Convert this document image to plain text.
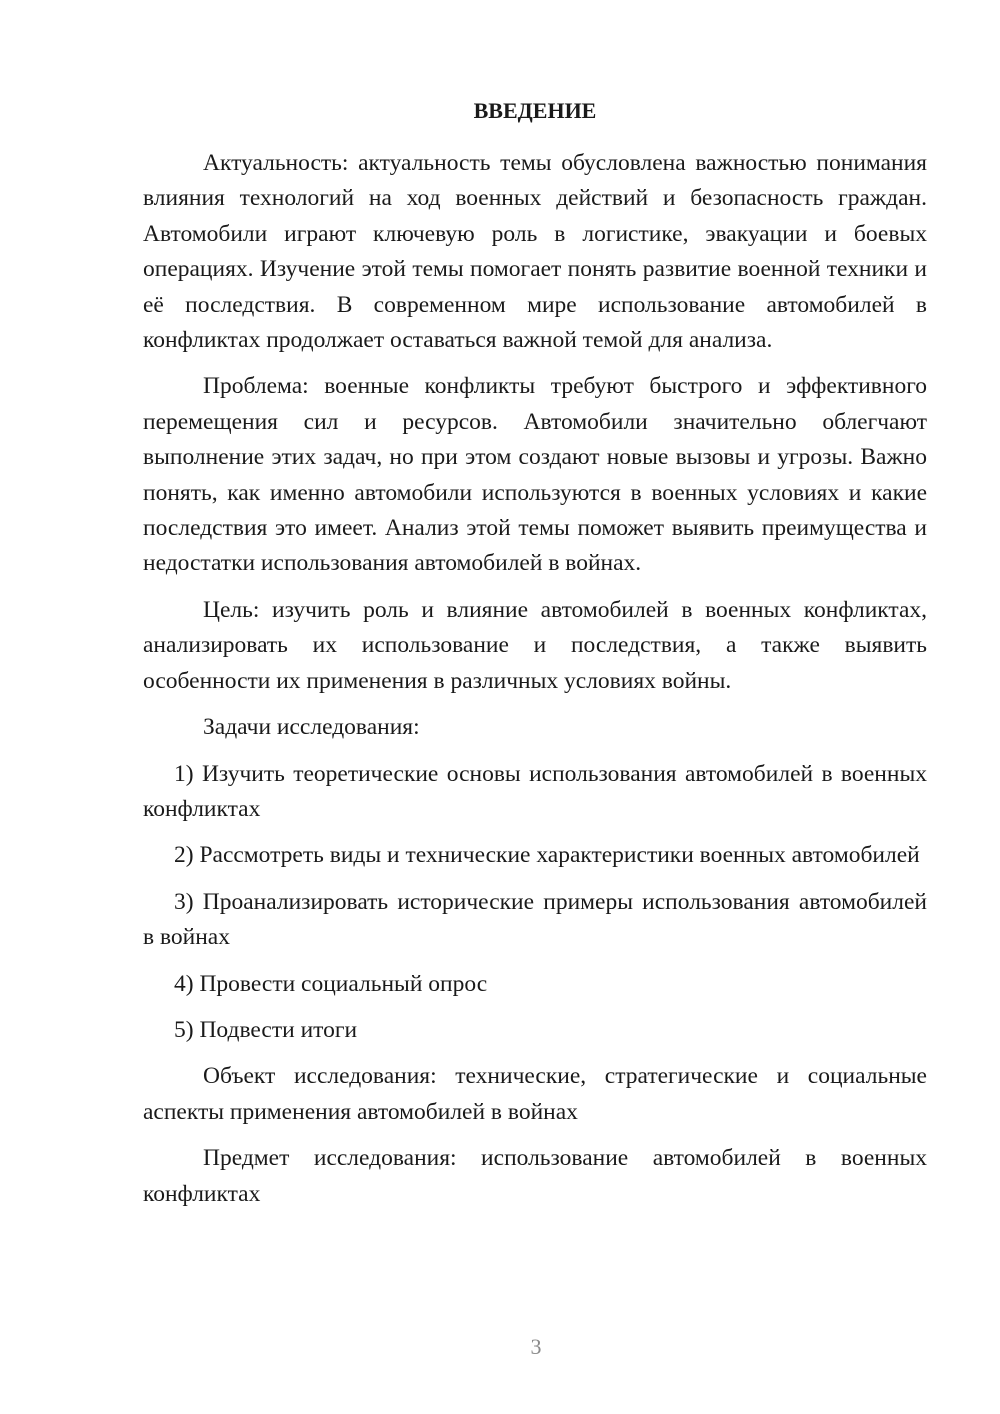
ВВЕДЕНИЕ

Актуальность: актуальность темы обусловлена важностью понимания влияния технологий на ход военных действий и безопасность граждан. Автомобили играют ключевую роль в логистике, эвакуации и боевых операциях. Изучение этой темы помогает понять развитие военной техники и её последствия. В современном мире использование автомобилей в конфликтах продолжает оставаться важной темой для анализа.

Проблема: военные конфликты требуют быстрого и эффективного перемещения сил и ресурсов. Автомобили значительно облегчают выполнение этих задач, но при этом создают новые вызовы и угрозы. Важно понять, как именно автомобили используются в военных условиях и какие последствия это имеет. Анализ этой темы поможет выявить преимущества и недостатки использования автомобилей в войнах.

Цель: изучить роль и влияние автомобилей в военных конфликтах, анализировать их использование и последствия, а также выявить особенности их применения в различных условиях войны.

Задачи исследования:

1) Изучить теоретические основы использования автомобилей в военных конфликтах

2) Рассмотреть виды и технические характеристики военных автомобилей

3) Проанализировать исторические примеры использования автомобилей в войнах

4) Провести социальный опрос

5) Подвести итоги

Объект исследования: технические, стратегические и социальные аспекты применения автомобилей в войнах

Предмет исследования: использование автомобилей в военных конфликтах

3
